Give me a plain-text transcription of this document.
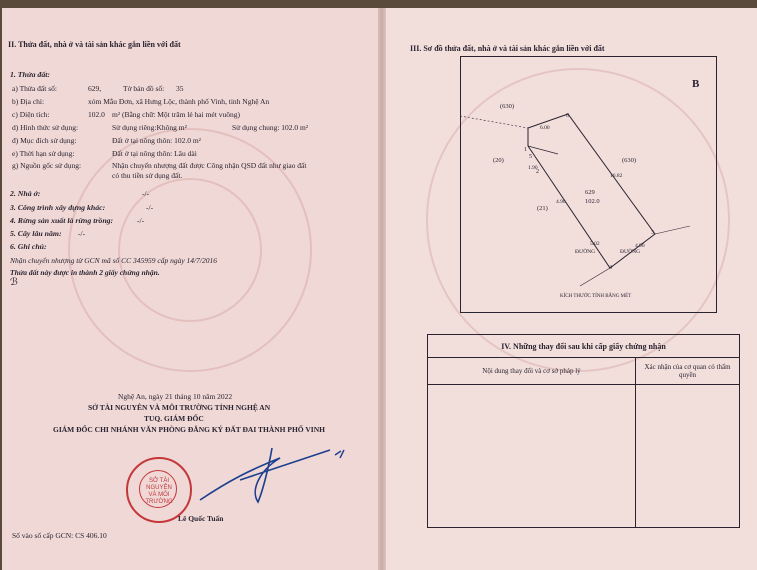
II. Thửa đất, nhà ở và tài sản khác gắn liền với đất
1. Thửa đất:
a) Thửa đất số:	629,	Tờ bản đồ số: 35
b) Địa chỉ:	xóm Mẫu Đơn, xã Hưng Lộc, thành phố Vinh, tỉnh Nghệ An
c) Diện tích:	102.0 m² (Bằng chữ: Một trăm lẻ hai mét vuông)
d) Hình thức sử dụng:	Sử dụng riêng:Không m²	Sử dụng chung: 102.0 m²
đ) Mục đích sử dụng:	Đất ở tại nông thôn: 102.0 m²
e) Thời hạn sử dụng:	Đất ở tại nông thôn: Lâu dài
g) Nguồn gốc sử dụng:	Nhận chuyển nhượng đất được Công nhận QSD đất như giao đất
có thu tiền sử dụng đất.
2. Nhà ở:	-/-
3. Công trình xây dựng khác:	-/-
4. Rừng sản xuất là rừng trồng:	-/-
5. Cây lâu năm: -/-
6. Ghi chú:
Nhận chuyển nhượng từ GCN mã số CC 345959 cấp ngày 14/7/2016
Thửa đất này được in thành 2 giấy chứng nhận.
ℬ
Nghệ An, ngày 21 tháng 10 năm 2022
SỞ TÀI NGUYÊN VÀ MÔI TRƯỜNG TỈNH NGHỆ AN
TUQ. GIÁM ĐỐC
GIÁM ĐỐC CHI NHÁNH VĂN PHÒNG ĐĂNG KÝ ĐẤT ĐAI THÀNH PHỐ VINH
SỞ TÀI NGUYÊN VÀ MÔI TRƯỜNG
Lê Quốc Tuấn
Số vào sổ cấp GCN: CS 406.10
III. Sơ đồ thửa đất, nhà ở và tài sản khác gắn liền với đất
B
(630)
(20)	(630)
(21)
629
102.0
ĐƯỜNG	ĐƯỜNG
1
2
3
4
5
6
6.00
1.90
16.82
4.90
4.90
5.02
KÍCH THƯỚC TÍNH BẰNG MÉT
IV. Những thay đổi sau khi cấp giấy chứng nhận	
Nội dung thay đổi và cơ sở pháp lý	Xác nhận của cơ quan có thẩm quyền
